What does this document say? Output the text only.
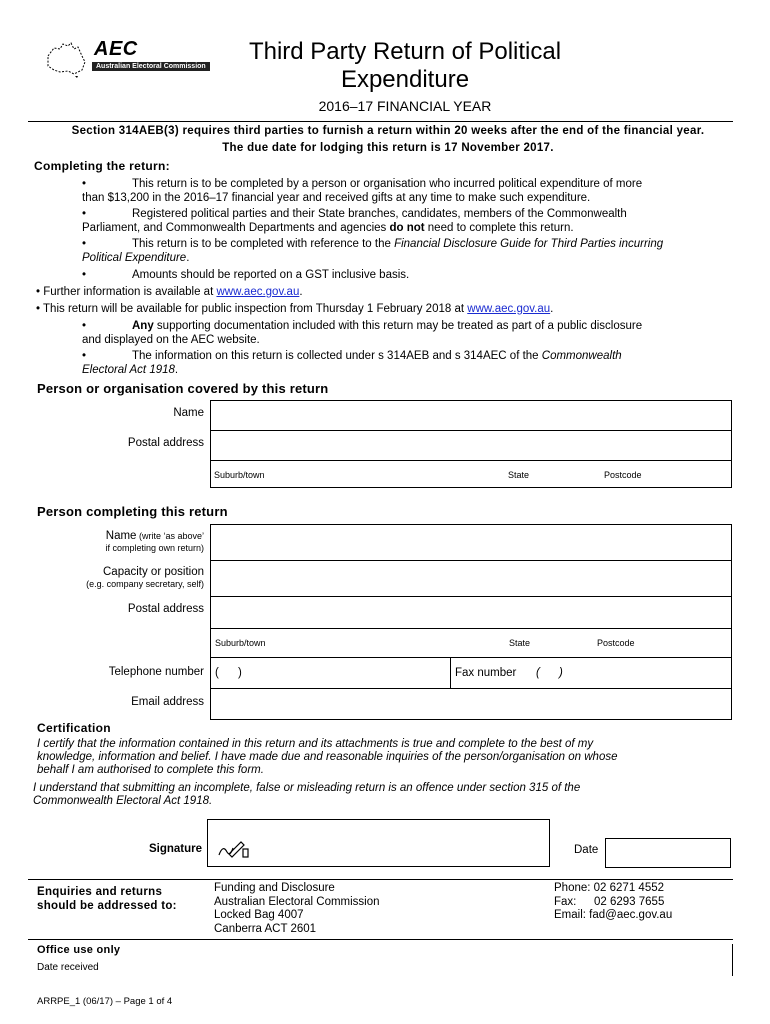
AEC
Australian Electoral Commission
Third Party Return of Political
Expenditure
2016–17 FINANCIAL YEAR
Section 314AEB(3) requires third parties to furnish a return within 20 weeks after the end of the financial year.
The due date for lodging this return is 17 November 2017.
Completing the return:
•	This return is to be completed by a person or organisation who incurred political expenditure of more
than $13,200 in the 2016–17 financial year and received gifts at any time to make such expenditure.
•	Registered political parties and their State branches, candidates, members of the Commonwealth
Parliament, and Commonwealth Departments and agencies do not need to complete this return.
•	This return is to be completed with reference to the Financial Disclosure Guide for Third Parties incurring
Political Expenditure.
•	Amounts should be reported on a GST inclusive basis.
• Further information is available at www.aec.gov.au.
• This return will be available for public inspection from Thursday 1 February 2018 at www.aec.gov.au.
•	Any supporting documentation included with this return may be treated as part of a public disclosure
and displayed on the AEC website.
•	The information on this return is collected under s 314AEB and s 314AEC of the Commonwealth
Electoral Act 1918.
Person or organisation covered by this return
Name
Postal address
Suburb/town	State	Postcode
Person completing this return
Name (write ‘as above’
if completing own return)
Capacity or position
(e.g. company secretary, self)
Postal address
Suburb/town	State	Postcode
Telephone number (      )	Fax number (      )
Email address
Certification
I certify that the information contained in this return and its attachments is true and complete to the best of my
knowledge, information and belief. I have made due and reasonable inquiries of the person/organisation on whose
behalf I am authorised to complete this form.
I understand that submitting an incomplete, false or misleading return is an offence under section 315 of the
Commonwealth Electoral Act 1918.
Signature	Date
Enquiries and returns
should be addressed to:
Funding and Disclosure
Australian Electoral Commission
Locked Bag 4007
Canberra ACT 2601
Phone: 02 6271 4552
Fax: 02 6293 7655
Email: fad@aec.gov.au
Office use only
Date received
ARRPE_1 (06/17) – Page 1 of 4
